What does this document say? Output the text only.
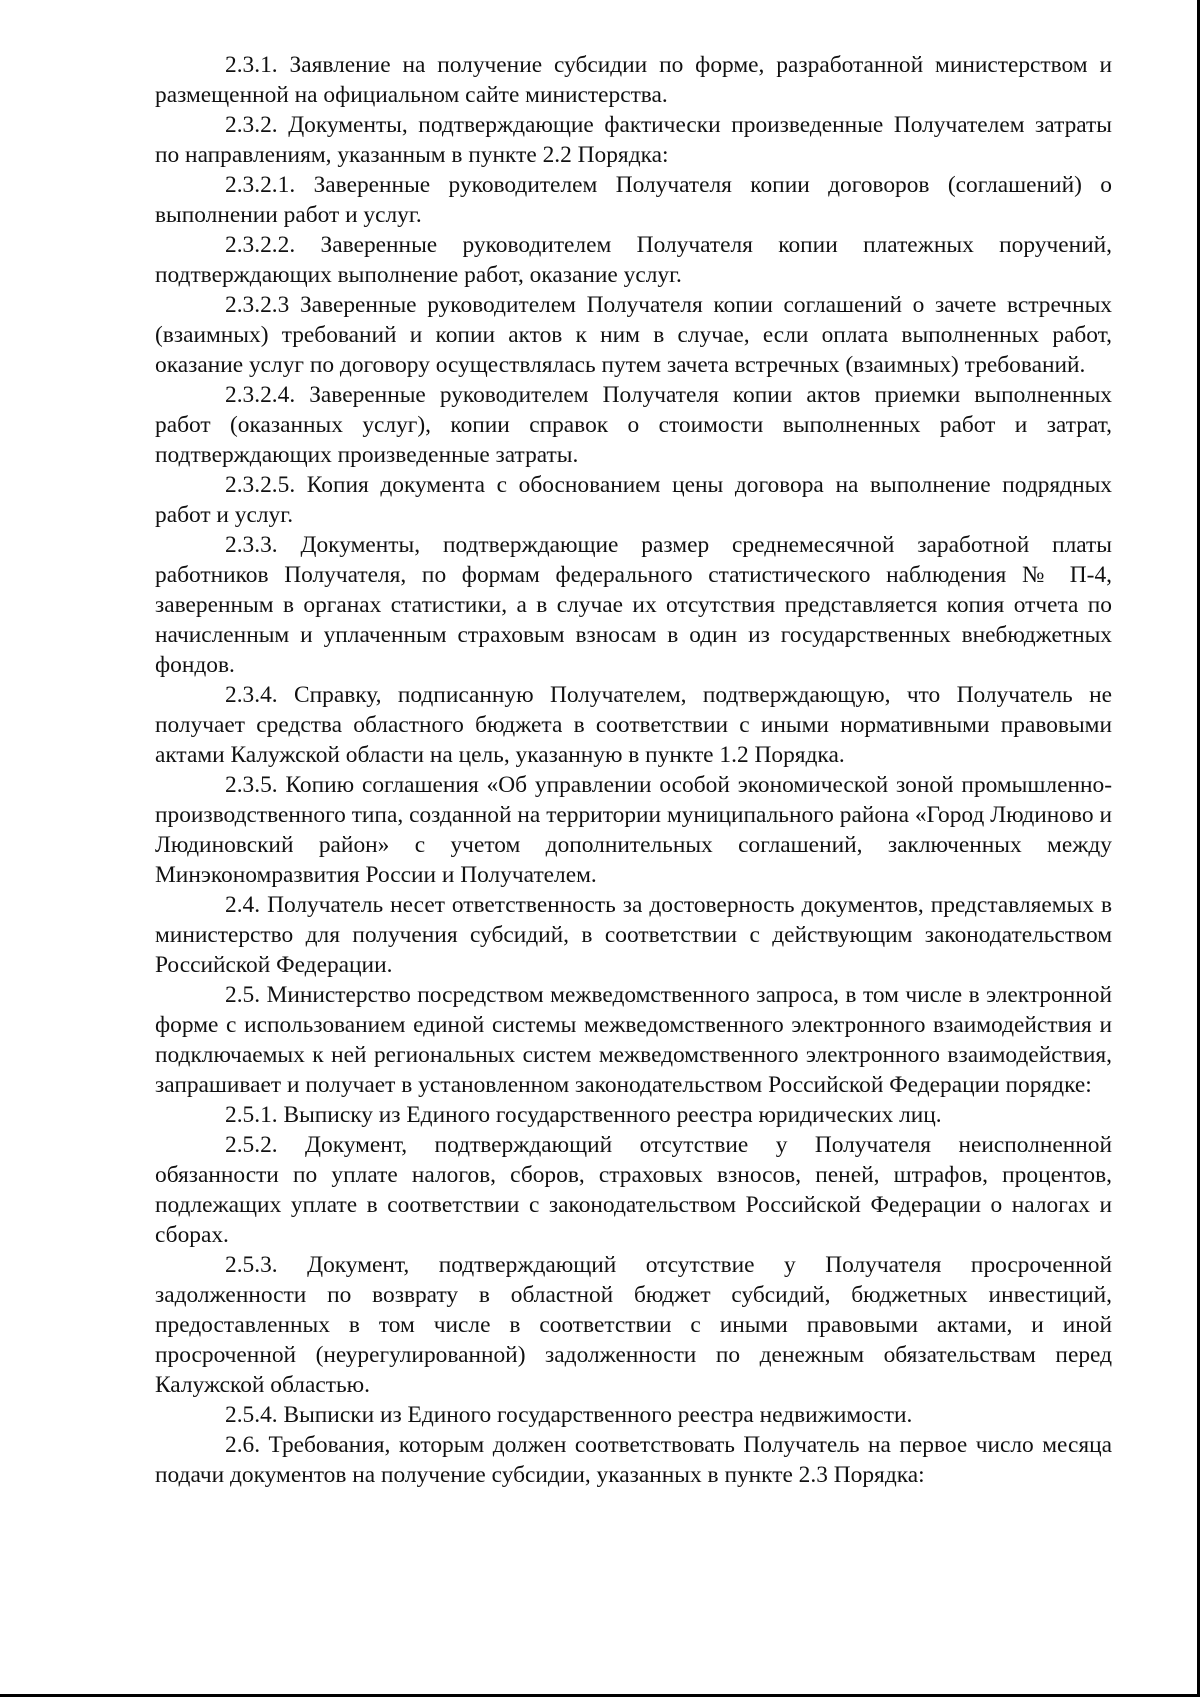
2.3.1. Заявление на получение субсидии по форме, разработанной министерством и размещенной на официальном сайте министерства.

2.3.2. Документы, подтверждающие фактически произведенные Получателем затраты по направлениям, указанным в пункте 2.2 Порядка:

2.3.2.1. Заверенные руководителем Получателя копии договоров (соглашений) о выполнении работ и услуг.

2.3.2.2. Заверенные руководителем Получателя копии платежных поручений, подтверждающих выполнение работ, оказание услуг.

2.3.2.3 Заверенные руководителем Получателя копии соглашений о зачете встречных (взаимных) требований и копии актов к ним в случае, если оплата выполненных работ, оказание услуг по договору осуществлялась путем зачета встречных (взаимных) требований.

2.3.2.4. Заверенные руководителем Получателя копии актов приемки выполненных работ (оказанных услуг), копии справок о стоимости выполненных работ и затрат, подтверждающих произведенные затраты.

2.3.2.5. Копия документа с обоснованием цены договора на выполнение подрядных работ и услуг.

2.3.3. Документы, подтверждающие размер среднемесячной заработной платы работников Получателя, по формам федерального статистического наблюдения № П-4, заверенным в органах статистики, а в случае их отсутствия представляется копия отчета по начисленным и уплаченным страховым взносам в один из государственных внебюджетных фондов.

2.3.4. Справку, подписанную Получателем, подтверждающую, что Получатель не получает средства областного бюджета в соответствии с иными нормативными правовыми актами Калужской области на цель, указанную в пункте 1.2 Порядка.

2.3.5. Копию соглашения «Об управлении особой экономической зоной промышленно-производственного типа, созданной на территории муниципального района «Город Людиново и Людиновский район» с учетом дополнительных соглашений, заключенных между Минэкономразвития России и Получателем.

2.4. Получатель несет ответственность за достоверность документов, представляемых в министерство для получения субсидий, в соответствии с действующим законодательством Российской Федерации.

2.5. Министерство посредством межведомственного запроса, в том числе в электронной форме с использованием единой системы межведомственного электронного взаимодействия и подключаемых к ней региональных систем межведомственного электронного взаимодействия, запрашивает и получает в установленном законодательством Российской Федерации порядке:

2.5.1. Выписку из Единого государственного реестра юридических лиц.

2.5.2. Документ, подтверждающий отсутствие у Получателя неисполненной обязанности по уплате налогов, сборов, страховых взносов, пеней, штрафов, процентов, подлежащих уплате в соответствии с законодательством Российской Федерации о налогах и сборах.

2.5.3. Документ, подтверждающий отсутствие у Получателя просроченной задолженности по возврату в областной бюджет субсидий, бюджетных инвестиций, предоставленных в том числе в соответствии с иными правовыми актами, и иной просроченной (неурегулированной) задолженности по денежным обязательствам перед Калужской областью.

2.5.4. Выписки из Единого государственного реестра недвижимости.

2.6. Требования, которым должен соответствовать Получатель на первое число месяца подачи документов на получение субсидии, указанных в пункте 2.3 Порядка:
